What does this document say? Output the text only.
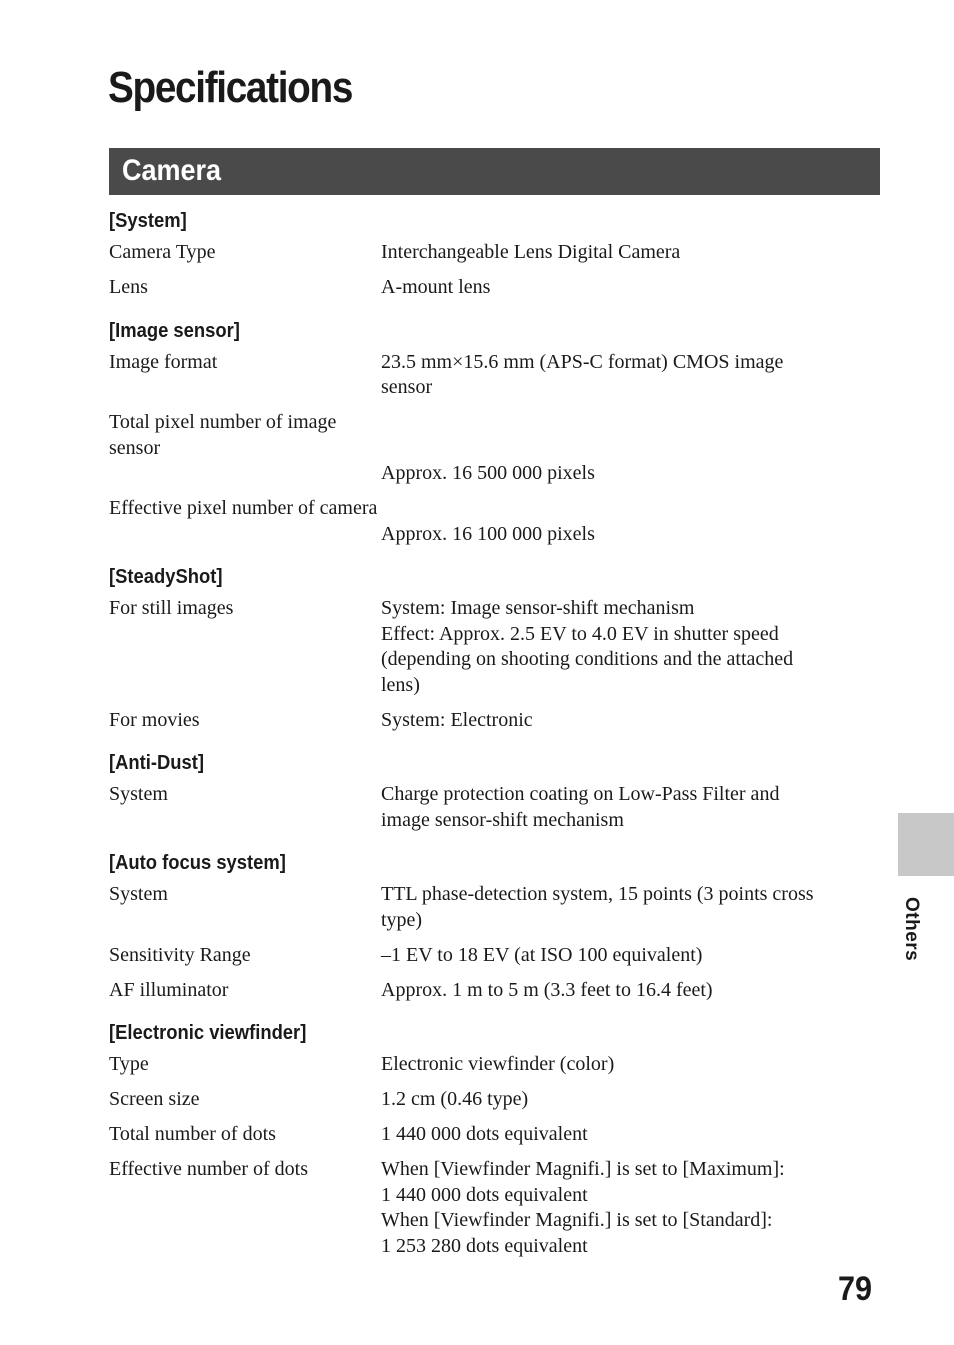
Specifications
Camera
[System]
Camera Type	Interchangeable Lens Digital Camera
Lens	A-mount lens
[Image sensor]
Image format	23.5 mm×15.6 mm (APS-C format) CMOS image
sensor
Total pixel number of image sensor
Approx. 16 500 000 pixels
Effective pixel number of camera
Approx. 16 100 000 pixels
[SteadyShot]
For still images	System: Image sensor-shift mechanism
Effect: Approx. 2.5 EV to 4.0 EV in shutter speed
(depending on shooting conditions and the attached
lens)
For movies	System: Electronic
[Anti-Dust]
System	Charge protection coating on Low-Pass Filter and
image sensor-shift mechanism
[Auto focus system]
System	TTL phase-detection system, 15 points (3 points cross
type)
Sensitivity Range	–1 EV to 18 EV (at ISO 100 equivalent)
AF illuminator	Approx. 1 m to 5 m (3.3 feet to 16.4 feet)
[Electronic viewfinder]
Type	Electronic viewfinder (color)
Screen size	1.2 cm (0.46 type)
Total number of dots	1 440 000 dots equivalent
Effective number of dots	When [Viewfinder Magnifi.] is set to [Maximum]:
1 440 000 dots equivalent
When [Viewfinder Magnifi.] is set to [Standard]:
1 253 280 dots equivalent
Others
79
